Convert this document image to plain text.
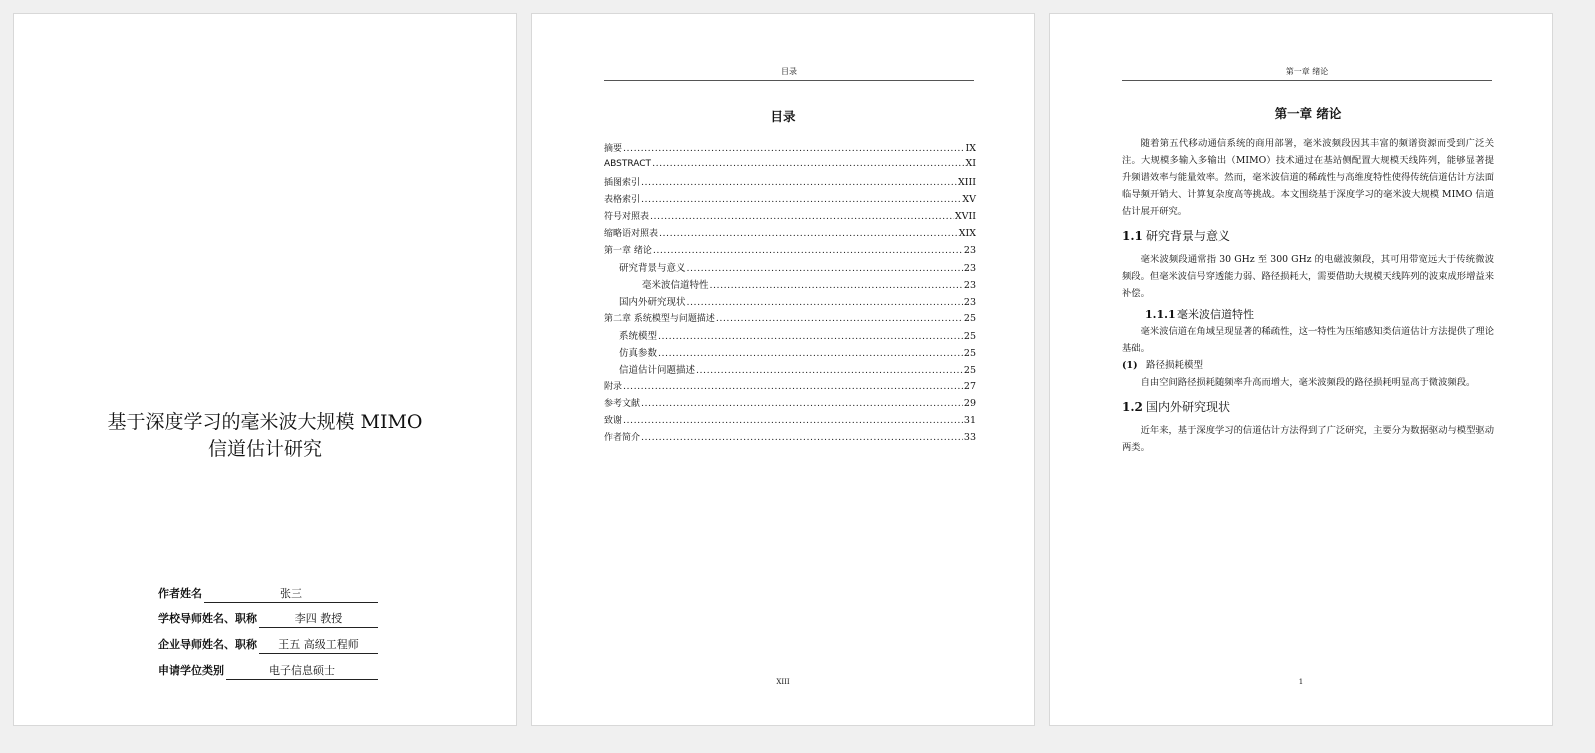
基于深度学习的毫米波大规模 MIMO
信道估计研究
作者姓名	张三
学校导师姓名、职称	李四 教授
企业导师姓名、职称	王五 高级工程师
申请学位类别	电子信息硕士
目录
目录
摘要 .....	IX
ABSTRACT .....	XI
插图索引 .....	XIII
表格索引 .....	XV
符号对照表 .....	XVII
缩略语对照表 .....	XIX
第一章 绪论 .....	23
研究背景与意义 .....	23
毫米波信道特性 .....	23
国内外研究现状 .....	23
第二章 系统模型与问题描述 .....	25
系统模型 .....	25
仿真参数 .....	25
信道估计问题描述 .....	25
附录 .....	27
参考文献 .....	29
致谢 .....	31
作者简介 .....	33
XIII
第一章 绪论
第一章 绪论

随着第五代移动通信系统的商用部署，毫米波频段因其丰富的频谱资源而受到广泛关注。大规模多输入多输出（MIMO）技术通过在基站侧配置大规模天线阵列，能够显著提升频谱效率与能量效率。然而，毫米波信道的稀疏性与高维度特性使得传统信道估计方法面临导频开销大、计算复杂度高等挑战。本文围绕基于深度学习的毫米波大规模 MIMO 信道估计展开研究。

1.1 研究背景与意义

毫米波频段通常指 30 GHz 至 300 GHz 的电磁波频段，其可用带宽远大于传统微波频段。但毫米波信号穿透能力弱、路径损耗大，需要借助大规模天线阵列的波束成形增益来补偿。

1.1.1毫米波信道特性

毫米波信道在角域呈现显著的稀疏性，这一特性为压缩感知类信道估计方法提供了理论基础。

(1) 路径损耗模型

自由空间路径损耗随频率升高而增大，毫米波频段的路径损耗明显高于微波频段。

1.2 国内外研究现状

近年来，基于深度学习的信道估计方法得到了广泛研究，主要分为数据驱动与模型驱动两类。

1
